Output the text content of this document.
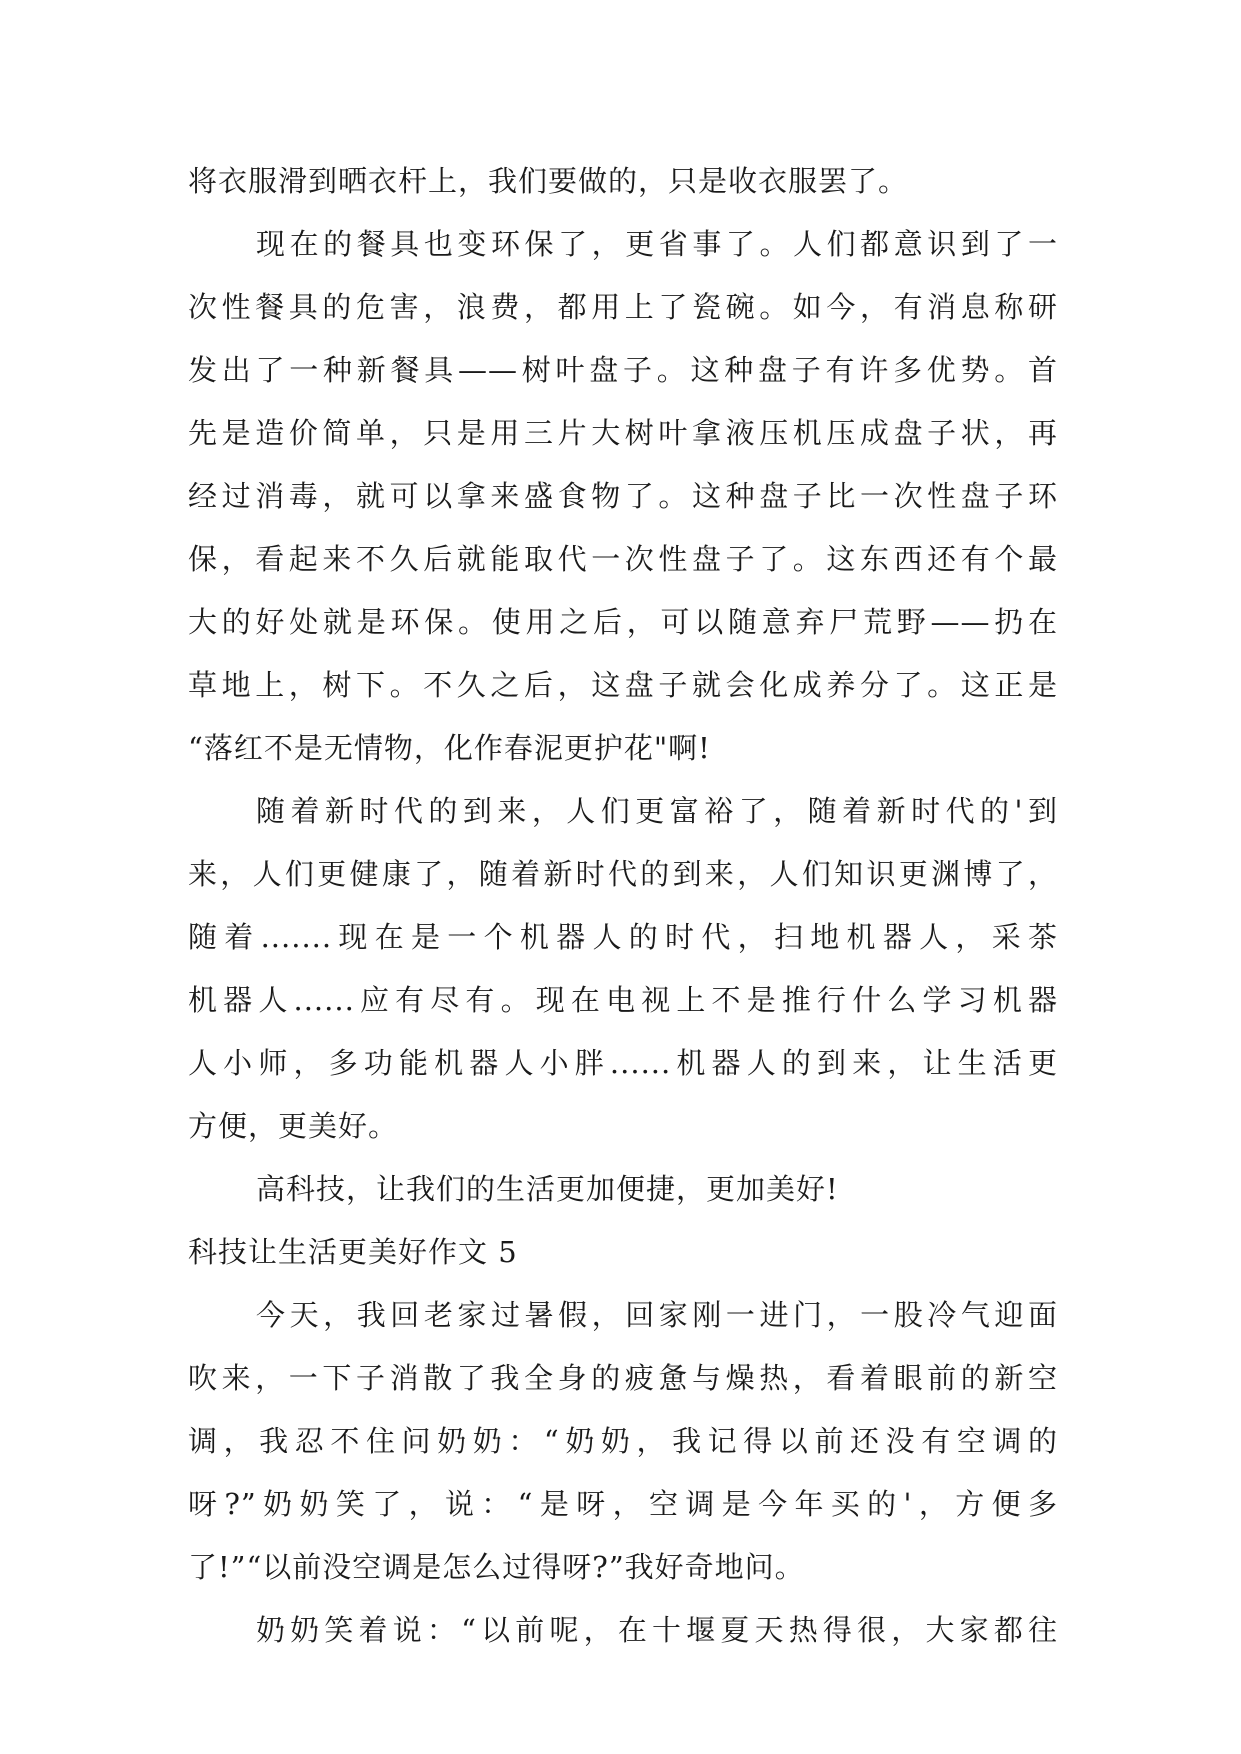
将衣服滑到晒衣杆上，我们要做的，只是收衣服罢了。
现在的餐具也变环保了，更省事了。人们都意识到了一
次性餐具的危害，浪费，都用上了瓷碗。如今，有消息称研
发出了一种新餐具——树叶盘子。这种盘子有许多优势。首
先是造价简单，只是用三片大树叶拿液压机压成盘子状，再
经过消毒，就可以拿来盛食物了。这种盘子比一次性盘子环
保，看起来不久后就能取代一次性盘子了。这东西还有个最
大的好处就是环保。使用之后，可以随意弃尸荒野——扔在
草地上，树下。不久之后，这盘子就会化成养分了。这正是
“落红不是无情物，化作春泥更护花"啊!
随着新时代的到来，人们更富裕了，随着新时代的'到
来，人们更健康了，随着新时代的到来，人们知识更渊博了，
随着.......现在是一个机器人的时代，扫地机器人，采茶
机器人......应有尽有。现在电视上不是推行什么学习机器
人小师，多功能机器人小胖......机器人的到来，让生活更
方便，更美好。
高科技，让我们的生活更加便捷，更加美好!
科技让生活更美好作文 5
今天，我回老家过暑假，回家刚一进门，一股冷气迎面
吹来，一下子消散了我全身的疲惫与燥热，看着眼前的新空
调，我忍不住问奶奶：“奶奶，我记得以前还没有空调的
呀?”奶奶笑了，说：“是呀，空调是今年买的'，方便多
了!”“以前没空调是怎么过得呀?”我好奇地问。
奶奶笑着说：“以前呢，在十堰夏天热得很，大家都往
